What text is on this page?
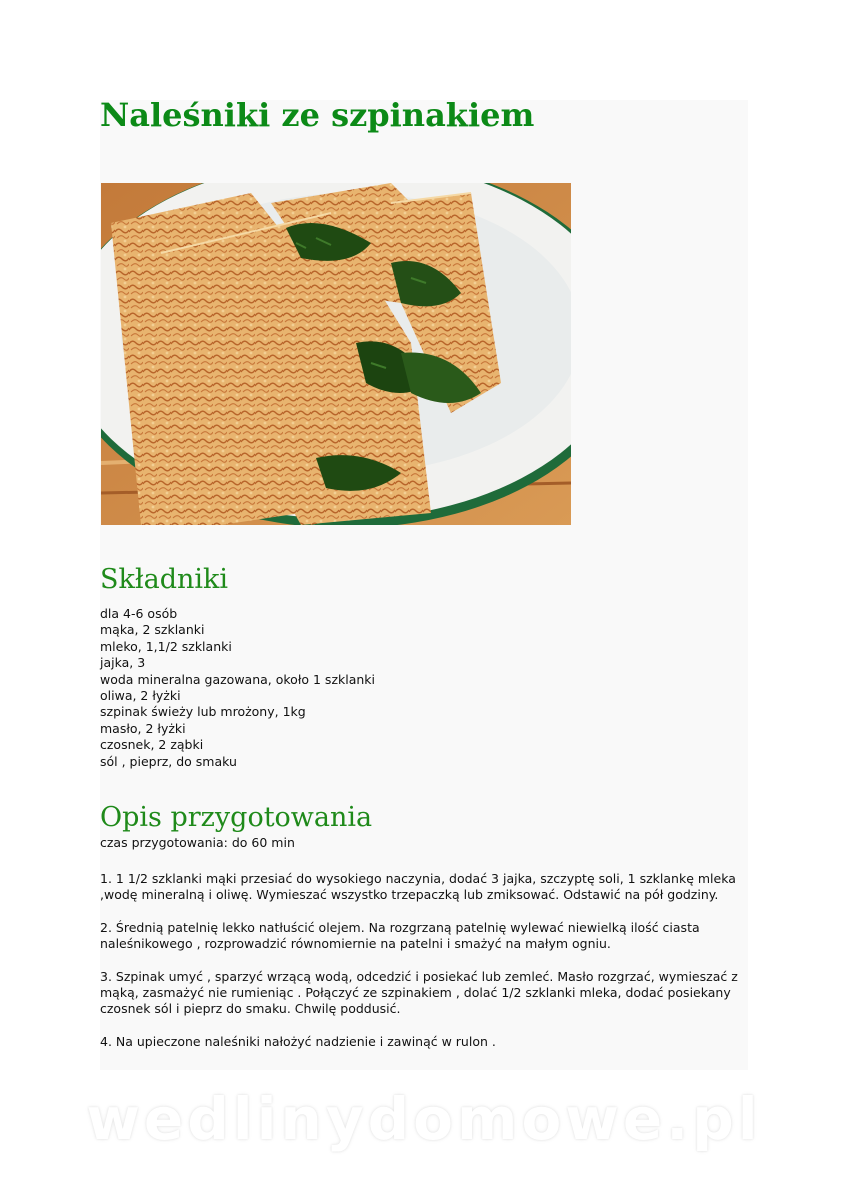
Naleśniki ze szpinakiem
Składniki
dla 4-6 osób
mąka, 2 szklanki
mleko, 1,1/2 szklanki
jajka, 3
woda mineralna gazowana, około 1 szklanki
oliwa, 2 łyżki
szpinak świeży lub mrożony, 1kg
masło, 2 łyżki
czosnek, 2 ząbki
sól , pieprz, do smaku
Opis przygotowania
czas przygotowania: do 60 min

1. 1 1/2 szklanki mąki przesiać do wysokiego naczynia, dodać 3 jajka, szczyptę soli, 1 szklankę mleka ,wodę mineralną i oliwę. Wymieszać wszystko trzepaczką lub zmiksować. Odstawić na pół godziny.

2. Średnią patelnię lekko natłuścić olejem. Na rozgrzaną patelnię wylewać niewielką ilość ciasta naleśnikowego , rozprowadzić równomiernie na patelni i smażyć na małym ogniu.

3. Szpinak umyć , sparzyć wrzącą wodą, odcedzić i posiekać lub zemleć. Masło rozgrzać, wymieszać z mąką, zasmażyć nie rumieniąc . Połączyć ze szpinakiem , dolać 1/2 szklanki mleka, dodać posiekany czosnek sól i pieprz do smaku. Chwilę poddusić.

4. Na upieczone naleśniki nałożyć nadzienie i zawinąć w rulon .

wedlinydomowe.pl
